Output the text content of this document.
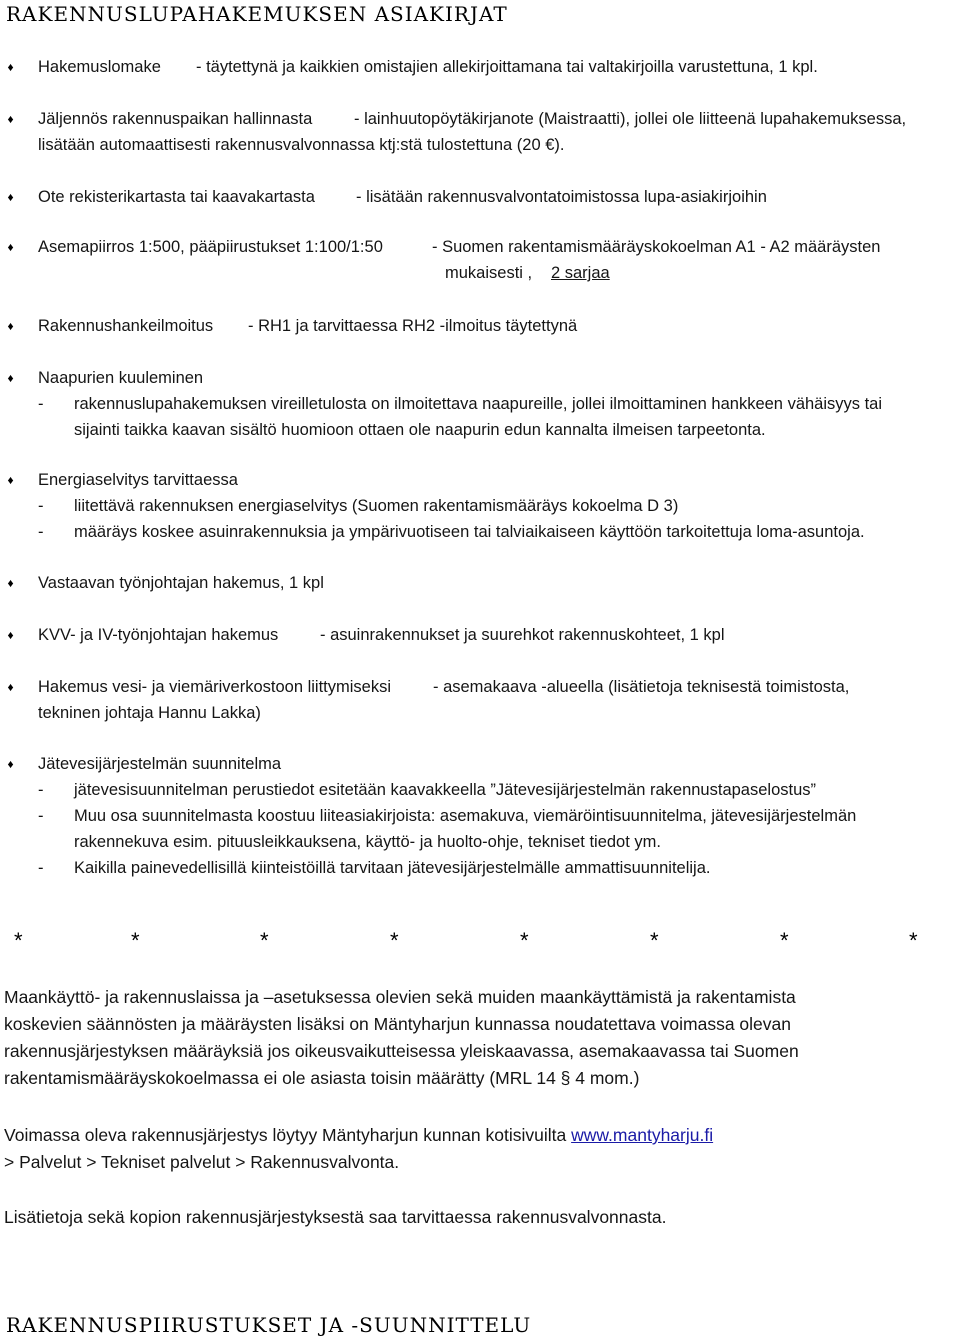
RAKENNUSLUPAHAKEMUKSEN ASIAKIRJAT
♦ Hakemuslomake - täytettynä ja kaikkien omistajien allekirjoittamana tai valtakirjoilla varustettuna, 1 kpl.
♦ Jäljennös rakennuspaikan hallinnasta	- lainhuutopöytäkirjanote (Maistraatti), jollei ole liitteenä lupahakemuksessa,
lisätään automaattisesti rakennusvalvonnassa ktj:stä tulostettuna (20 €).
♦ Ote rekisterikartasta tai kaavakartasta - lisätään rakennusvalvontatoimistossa lupa-asiakirjoihin
♦ Asemapiirros 1:500, pääpiirustukset 1:100/1:50	- Suomen rakentamismääräyskokoelman A1 - A2 määräysten
mukaisesti , 2 sarjaa
♦ Rakennushankeilmoitus - RH1 ja tarvittaessa RH2 -ilmoitus täytettynä
♦ Naapurien kuuleminen
- rakennuslupahakemuksen vireilletulosta on ilmoitettava naapureille, jollei ilmoittaminen hankkeen vähäisyys tai
sijainti taikka kaavan sisältö huomioon ottaen ole naapurin edun kannalta ilmeisen tarpeetonta.
♦ Energiaselvitys tarvittaessa
- liitettävä rakennuksen energiaselvitys (Suomen rakentamismääräys kokoelma D 3)
- määräys koskee asuinrakennuksia ja ympärivuotiseen tai talviaikaiseen käyttöön tarkoitettuja loma-asuntoja.
♦ Vastaavan työnjohtajan hakemus, 1 kpl
♦ KVV- ja IV-työnjohtajan hakemus	- asuinrakennukset ja suurehkot rakennuskohteet, 1 kpl
♦ Hakemus vesi- ja viemäriverkostoon liittymiseksi	- asemakaava -alueella (lisätietoja teknisestä toimistosta,
tekninen johtaja Hannu Lakka)
♦ Jätevesijärjestelmän suunnitelma
- jätevesisuunnitelman perustiedot esitetään kaavakkeella ”Jätevesijärjestelmän rakennustapaselostus”
- Muu osa suunnitelmasta koostuu liiteasiakirjoista: asemakuva, viemäröintisuunnitelma, jätevesijärjestelmän
rakennekuva esim. pituusleikkauksena, käyttö- ja huolto-ohje, tekniset tiedot ym.
- Kaikilla painevedellisillä kiinteistöillä tarvitaan jätevesijärjestelmälle ammattisuunnitelija.
*	*	*	*	*	*	*	*
Maankäyttö- ja rakennuslaissa ja –asetuksessa olevien sekä muiden maankäyttämistä ja rakentamista
koskevien säännösten ja määräysten lisäksi on Mäntyharjun kunnassa noudatettava voimassa olevan
rakennusjärjestyksen määräyksiä jos oikeusvaikutteisessa yleiskaavassa, asemakaavassa tai Suomen
rakentamismääräyskokoelmassa ei ole asiasta toisin määrätty (MRL 14 § 4 mom.)
Voimassa oleva rakennusjärjestys löytyy Mäntyharjun kunnan kotisivuilta www.mantyharju.fi
> Palvelut > Tekniset palvelut > Rakennusvalvonta.
Lisätietoja sekä kopion rakennusjärjestyksestä saa tarvittaessa rakennusvalvonnasta.
RAKENNUSPIIRUSTUKSET JA -SUUNNITTELU
